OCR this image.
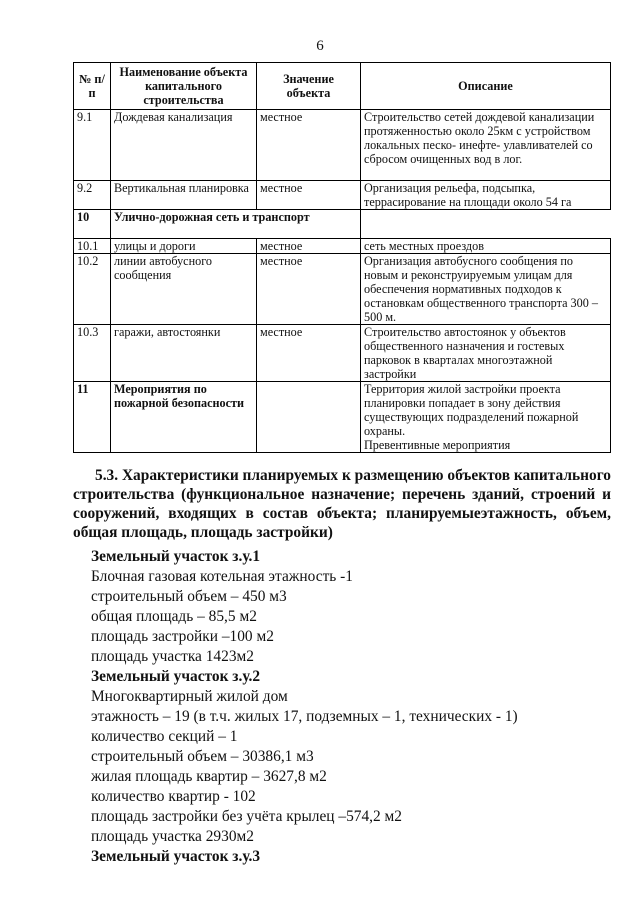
6
№ п/п	Наименование объекта капитального строительства	Значение объекта	Описание
9.1	Дождевая канализация	местное	Строительство сетей дождевой канализации протяженностью около 25км с устройством локальных песко- инефте- улавливателей со сбросом очищенных вод в лог.
9.2	Вертикальная планировка	местное	Организация рельефа, подсыпка, террасирование на площади около 54 га
10	Улично-дорожная сеть и транспорт		
10.1	улицы и дороги	местное	сеть местных проездов
10.2	линии автобусного сообщения	местное	Организация автобусного сообщения по новым и реконструируемым улицам для обеспечения нормативных подходов к остановкам общественного транспорта 300 – 500 м.
10.3	гаражи, автостоянки	местное	Строительство автостоянок у объектов общественного назначения и гостевых парковок в кварталах многоэтажной застройки
11	Мероприятия по пожарной безопасности		Территория жилой застройки проекта планировки попадает в зону действия существующих подразделений пожарной охраны.
Превентивные мероприятия
5.3. Характеристики планируемых к размещению объектов капитального строительства (функциональное назначение; перечень зданий, строений и сооружений, входящих в состав объекта; планируемыеэтажность, объем, общая площадь, площадь застройки)
Земельный участок з.у.1
Блочная газовая котельная этажность -1
строительный объем – 450 м3
общая площадь – 85,5 м2
площадь застройки –100 м2
площадь участка 1423м2
Земельный участок з.у.2
Многоквартирный жилой дом
этажность – 19 (в т.ч. жилых 17, подземных – 1, технических - 1)
количество секций – 1
строительный объем – 30386,1 м3
жилая площадь квартир – 3627,8 м2
количество квартир - 102
площадь застройки без учёта крылец –574,2 м2
площадь участка 2930м2
Земельный участок з.у.3
